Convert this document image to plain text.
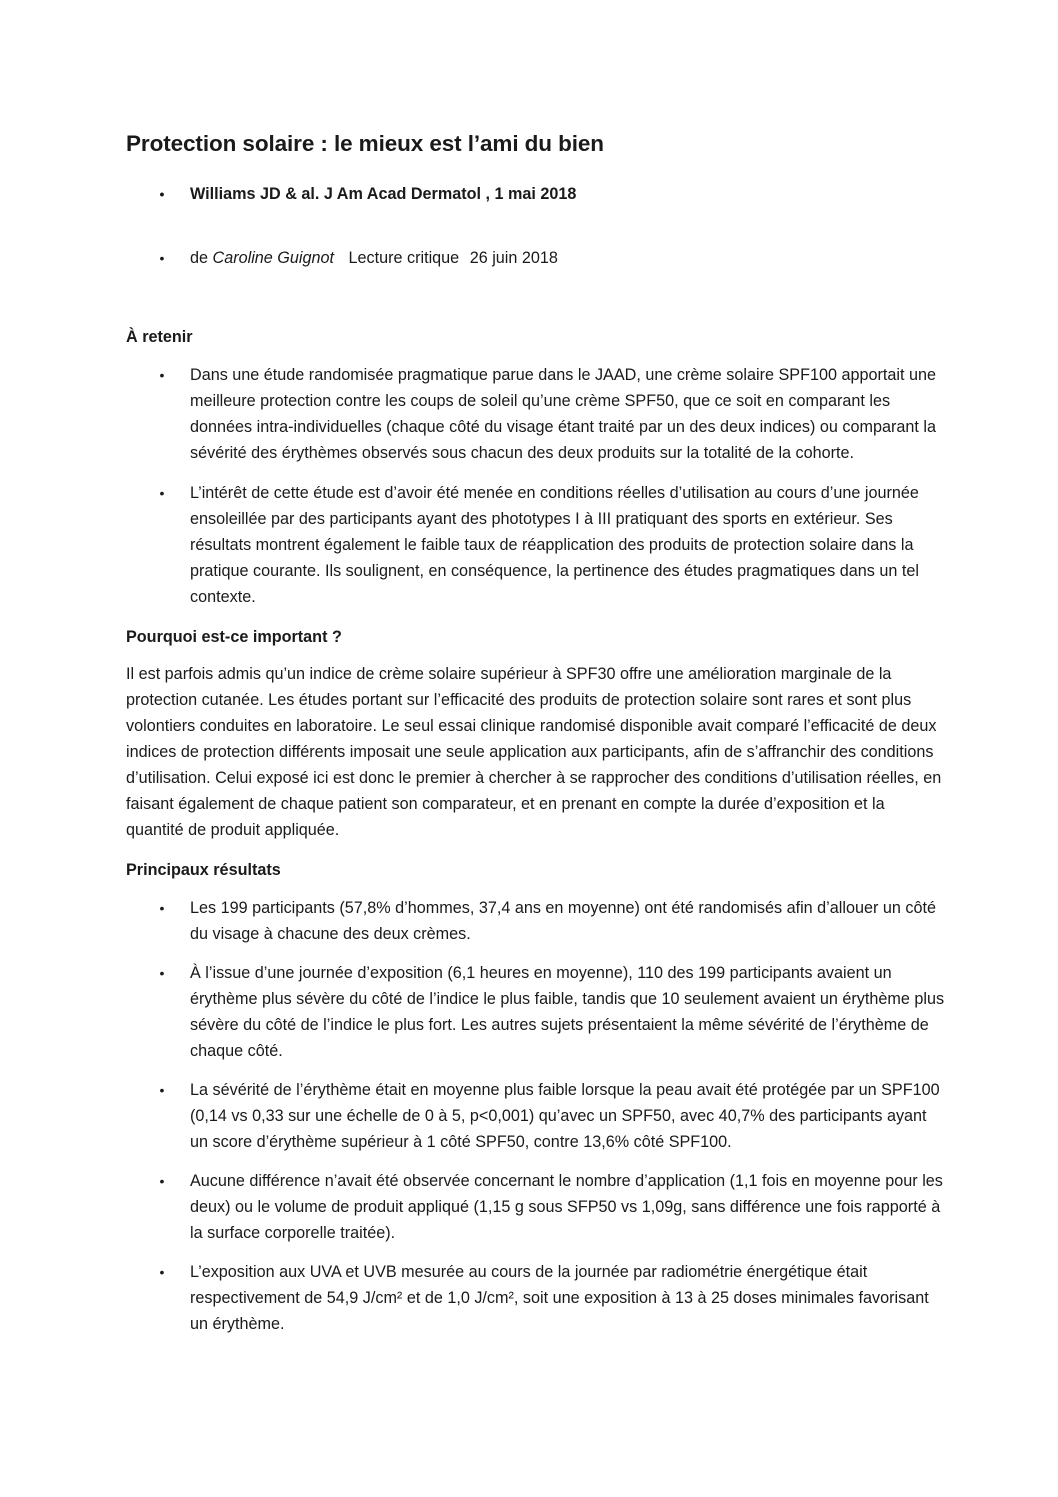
Protection solaire : le mieux est l’ami du bien
• Williams JD & al. J Am Acad Dermatol , 1 mai 2018
• de Caroline Guignot Lecture critique 26 juin 2018
À retenir
• Dans une étude randomisée pragmatique parue dans le JAAD, une crème solaire SPF100 apportait une meilleure protection contre les coups de soleil qu’une crème SPF50, que ce soit en comparant les données intra-individuelles (chaque côté du visage étant traité par un des deux indices) ou comparant la sévérité des érythèmes observés sous chacun des deux produits sur la totalité de la cohorte.
• L’intérêt de cette étude est d’avoir été menée en conditions réelles d’utilisation au cours d’une journée ensoleillée par des participants ayant des phototypes I à III pratiquant des sports en extérieur. Ses résultats montrent également le faible taux de réapplication des produits de protection solaire dans la pratique courante. Ils soulignent, en conséquence, la pertinence des études pragmatiques dans un tel contexte.
Pourquoi est-ce important ?

Il est parfois admis qu’un indice de crème solaire supérieur à SPF30 offre une amélioration marginale de la protection cutanée. Les études portant sur l’efficacité des produits de protection solaire sont rares et sont plus volontiers conduites en laboratoire. Le seul essai clinique randomisé disponible avait comparé l’efficacité de deux indices de protection différents imposait une seule application aux participants, afin de s’affranchir des conditions d’utilisation. Celui exposé ici est donc le premier à chercher à se rapprocher des conditions d’utilisation réelles, en faisant également de chaque patient son comparateur, et en prenant en compte la durée d’exposition et la quantité de produit appliquée.

Principaux résultats
• Les 199 participants (57,8% d’hommes, 37,4 ans en moyenne) ont été randomisés afin d’allouer un côté du visage à chacune des deux crèmes.
• À l’issue d’une journée d’exposition (6,1 heures en moyenne), 110 des 199 participants avaient un érythème plus sévère du côté de l’indice le plus faible, tandis que 10 seulement avaient un érythème plus sévère du côté de l’indice le plus fort. Les autres sujets présentaient la même sévérité de l’érythème de chaque côté.
• La sévérité de l’érythème était en moyenne plus faible lorsque la peau avait été protégée par un SPF100 (0,14 vs 0,33 sur une échelle de 0 à 5, p<0,001) qu’avec un SPF50, avec 40,7% des participants ayant un score d’érythème supérieur à 1 côté SPF50, contre 13,6% côté SPF100.
• Aucune différence n’avait été observée concernant le nombre d’application (1,1 fois en moyenne pour les deux) ou le volume de produit appliqué (1,15 g sous SFP50 vs 1,09g, sans différence une fois rapporté à la surface corporelle traitée).
• L’exposition aux UVA et UVB mesurée au cours de la journée par radiométrie énergétique était respectivement de 54,9 J/cm² et de 1,0 J/cm², soit une exposition à 13 à 25 doses minimales favorisant un érythème.
